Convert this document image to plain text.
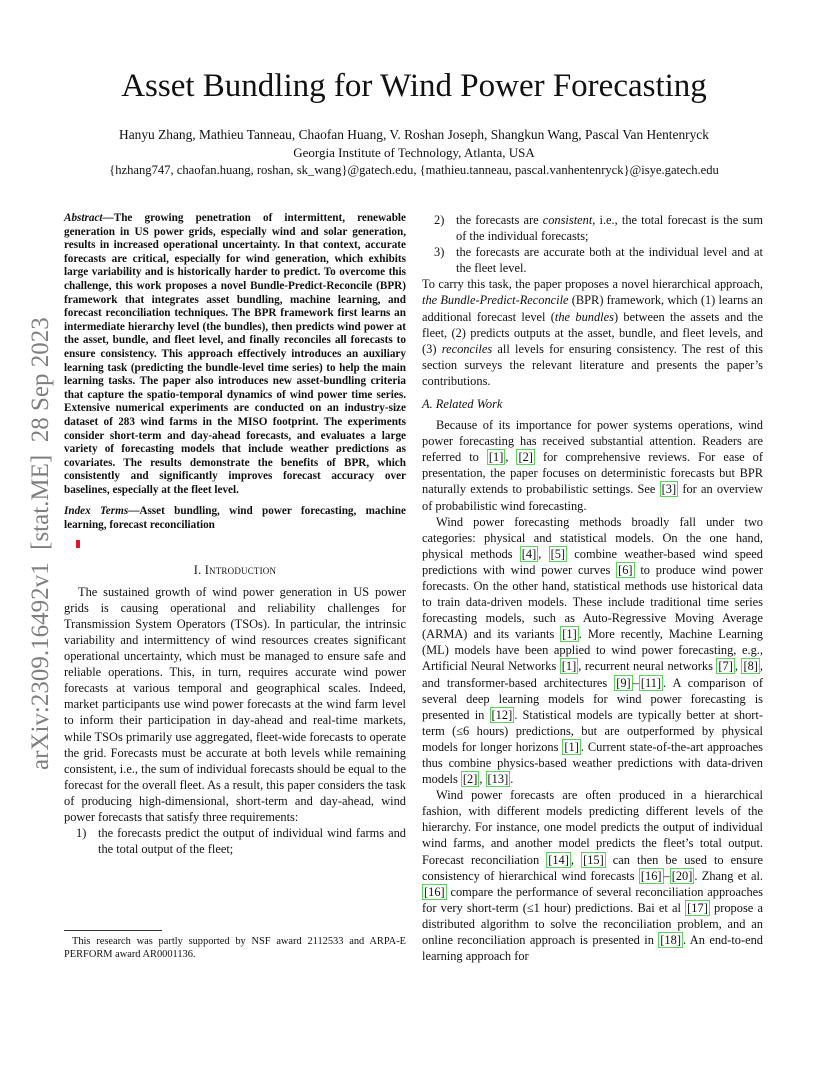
arXiv:2309.16492v1  [stat.ME]  28 Sep 2023
Asset Bundling for Wind Power Forecasting
Hanyu Zhang, Mathieu Tanneau, Chaofan Huang, V. Roshan Joseph, Shangkun Wang, Pascal Van Hentenryck
Georgia Institute of Technology, Atlanta, USA
{hzhang747, chaofan.huang, roshan, sk_wang}@gatech.edu, {mathieu.tanneau, pascal.vanhentenryck}@isye.gatech.edu

Abstract—The growing penetration of intermittent, renewable generation in US power grids, especially wind and solar generation, results in increased operational uncertainty. In that context, accurate forecasts are critical, especially for wind generation, which exhibits large variability and is historically harder to predict. To overcome this challenge, this work proposes a novel Bundle-Predict-Reconcile (BPR) framework that integrates asset bundling, machine learning, and forecast reconciliation techniques. The BPR framework first learns an intermediate hierarchy level (the bundles), then predicts wind power at the asset, bundle, and fleet level, and finally reconciles all forecasts to ensure consistency. This approach effectively introduces an auxiliary learning task (predicting the bundle-level time series) to help the main learning tasks. The paper also introduces new asset-bundling criteria that capture the spatio-temporal dynamics of wind power time series. Extensive numerical experiments are conducted on an industry-size dataset of 283 wind farms in the MISO footprint. The experiments consider short-term and day-ahead forecasts, and evaluates a large variety of forecasting models that include weather predictions as covariates. The results demonstrate the benefits of BPR, which consistently and significantly improves forecast accuracy over baselines, especially at the fleet level.

Index Terms—Asset bundling, wind power forecasting, machine learning, forecast reconciliation

I. Introduction

The sustained growth of wind power generation in US power grids is causing operational and reliability challenges for Transmission System Operators (TSOs). In particular, the intrinsic variability and intermittency of wind resources creates significant operational uncertainty, which must be managed to ensure safe and reliable operations. This, in turn, requires accurate wind power forecasts at various temporal and geographical scales. Indeed, market participants use wind power forecasts at the wind farm level to inform their participation in day-ahead and real-time markets, while TSOs primarily use aggregated, fleet-wide forecasts to operate the grid. Forecasts must be accurate at both levels while remaining consistent, i.e., the sum of individual forecasts should be equal to the forecast for the overall fleet. As a result, this paper considers the task of producing high-dimensional, short-term and day-ahead, wind power forecasts that satisfy three requirements:

1) the forecasts predict the output of individual wind farms and the total output of the fleet;
2) the forecasts are consistent, i.e., the total forecast is the sum of the individual forecasts;
3) the forecasts are accurate both at the individual level and at the fleet level.

To carry this task, the paper proposes a novel hierarchical approach, the Bundle-Predict-Reconcile (BPR) framework, which (1) learns an additional forecast level (the bundles) between the assets and the fleet, (2) predicts outputs at the asset, bundle, and fleet levels, and (3) reconciles all levels for ensuring consistency. The rest of this section surveys the relevant literature and presents the paper’s contributions.

A. Related Work

Because of its importance for power systems operations, wind power forecasting has received substantial attention. Readers are referred to [1] , [2] for comprehensive reviews. For ease of presentation, the paper focuses on deterministic forecasts but BPR naturally extends to probabilistic settings. See [3] for an overview of probabilistic wind forecasting.

Wind power forecasting methods broadly fall under two categories: physical and statistical models. On the one hand, physical methods [4] , [5] combine weather-based wind speed predictions with wind power curves [6] to produce wind power forecasts. On the other hand, statistical methods use historical data to train data-driven models. These include traditional time series forecasting models, such as Auto-Regressive Moving Average (ARMA) and its variants [1] . More recently, Machine Learning (ML) models have been applied to wind power forecasting, e.g., Artificial Neural Networks [1] , recurrent neural networks [7] , [8] , and transformer-based architectures [9] – [11] . A comparison of several deep learning models for wind power forecasting is presented in [12] . Statistical models are typically better at short-term (≤6 hours) predictions, but are outperformed by physical models for longer horizons [1] . Current state-of-the-art approaches thus combine physics-based weather predictions with data-driven models [2] , [13] .

Wind power forecasts are often produced in a hierarchical fashion, with different models predicting different levels of the hierarchy. For instance, one model predicts the output of individual wind farms, and another model predicts the fleet’s total output. Forecast reconciliation [14] , [15] can then be used to ensure consistency of hierarchical wind forecasts [16] – [20] . Zhang et al. [16] compare the performance of several reconciliation approaches for very short-term (≤1 hour) predictions. Bai et al [17] propose a distributed algorithm to solve the reconciliation problem, and an online reconciliation approach is presented in [18] . An end-to-end learning approach for

This research was partly supported by NSF award 2112533 and ARPA-E PERFORM award AR0001136.
